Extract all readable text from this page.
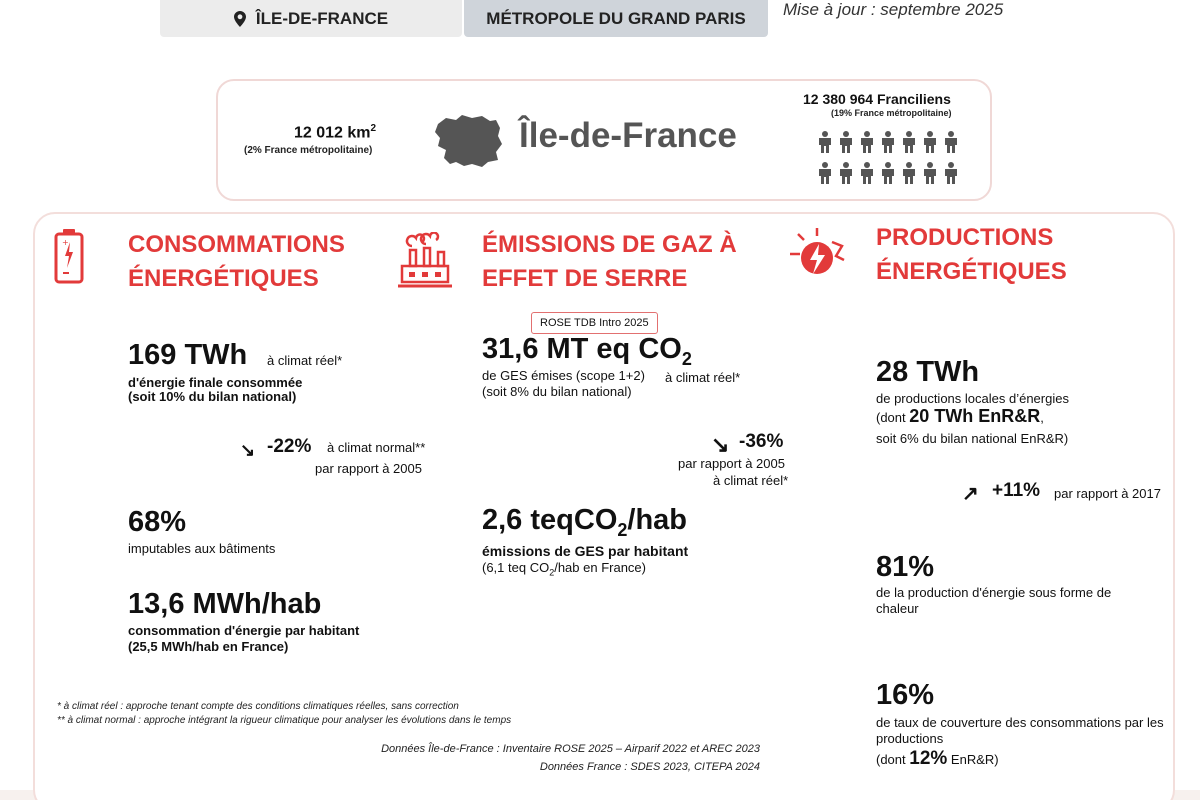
ÎLE-DE-FRANCE	MÉTROPOLE DU GRAND PARIS Mise à jour : septembre 2025
12 012 $km^2$
(2% France métropolitaine)	Île-de-France
12 380 964 Franciliens
(19% France métropolitaine)
+ CONSOMMATIONS
ÉNERGÉTIQUES
169 TWh à climat réel*
d'énergie finale consommée
(soit 10% du bilan national)
↘ -22% à climat normal**
par rapport à 2005
68%
imputables aux bâtiments
13,6 MWh/hab
consommation d'énergie par habitant
(25,5 MWh/hab en France)
ÉMISSIONS DE GAZ À
EFFET DE SERRE
ROSE TDB Intro 2025
31,6 MT eq $CO_2$
de GES émises (scope 1+2) à climat réel*
(soit 8% du bilan national)
↘ -36%
par rapport à 2005
à climat réel*
2,6 teqCO$_2$/hab
émissions de GES par habitant
(6,1 teq $CO_2$/hab en France)
PRODUCTIONS
ÉNERGÉTIQUES
28 TWh
de productions locales d’énergies
(dont 20 TWh EnR&R,
soit 6% du bilan national EnR&R)
↗ +11% par rapport à 2017
81%
de la production d'énergie sous forme de chaleur
16%
de taux de couverture des consommations par les productions
(dont 12% EnR&R)
* à climat réel : approche tenant compte des conditions climatiques réelles, sans correction
** à climat normal : approche intégrant la rigueur climatique pour analyser les évolutions dans le temps
Données Île-de-France : Inventaire ROSE 2025 – Airparif 2022 et AREC 2023
Données France : SDES 2023, CITEPA 2024
